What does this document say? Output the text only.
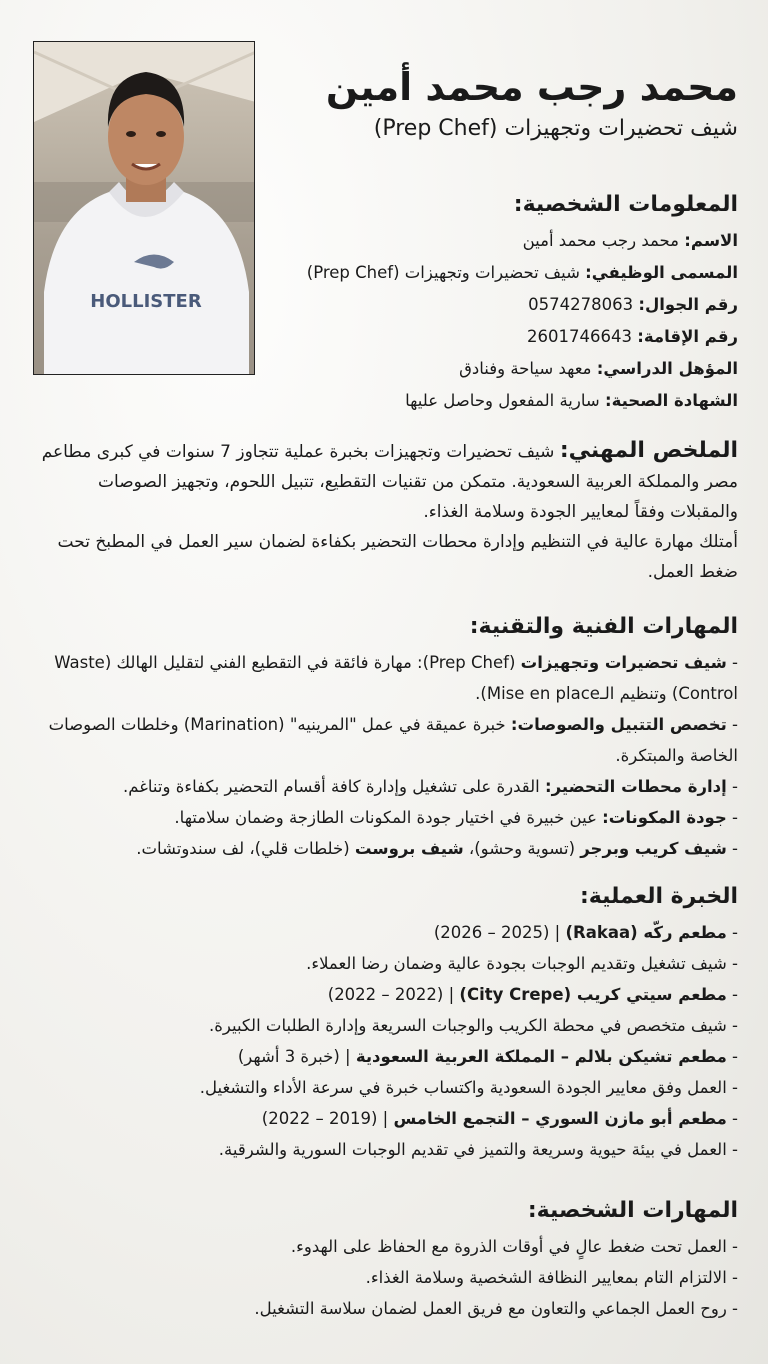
HOLLISTER
محمد رجب محمد أمين

شيف تحضيرات وتجهيزات (Prep Chef)

المعلومات الشخصية:

الاسم: محمد رجب محمد أمين

المسمى الوظيفي: شيف تحضيرات وتجهيزات (Prep Chef)

رقم الجوال: 0574278063

رقم الإقامة: 2601746643

المؤهل الدراسي: معهد سياحة وفنادق

الشهادة الصحية: سارية المفعول وحاصل عليها

الملخص المهني: شيف تحضيرات وتجهيزات بخبرة عملية تتجاوز 7 سنوات في كبرى مطاعم مصر والمملكة العربية السعودية. متمكن من تقنيات التقطيع، تتبيل اللحوم، وتجهيز الصوصات والمقبلات وفقاً لمعايير الجودة وسلامة الغذاء.

أمتلك مهارة عالية في التنظيم وإدارة محطات التحضير بكفاءة لضمان سير العمل في المطبخ تحت ضغط العمل.

المهارات الفنية والتقنية:

- شيف تحضيرات وتجهيزات (Prep Chef): مهارة فائقة في التقطيع الفني لتقليل الهالك (Waste Control) وتنظيم الـMise en place).

- تخصص التتبيل والصوصات: خبرة عميقة في عمل "المرينيه" (Marination) وخلطات الصوصات الخاصة والمبتكرة.

- إدارة محطات التحضير: القدرة على تشغيل وإدارة كافة أقسام التحضير بكفاءة وتناغم.

- جودة المكونات: عين خبيرة في اختيار جودة المكونات الطازجة وضمان سلامتها.

- شيف كريب وبرجر (تسوية وحشو)، شيف بروست (خلطات قلي)، لف سندوتشات.

الخبرة العملية:

- مطعم ركّه (Rakaa) | (2026 – 2025)

- شيف تشغيل وتقديم الوجبات بجودة عالية وضمان رضا العملاء.

- مطعم سيتي كريب (City Crepe) | (2022 – 2022)

- شيف متخصص في محطة الكريب والوجبات السريعة وإدارة الطلبات الكبيرة.

- مطعم تشيكن بلالم – المملكة العربية السعودية | (خبرة 3 أشهر)

- العمل وفق معايير الجودة السعودية واكتساب خبرة في سرعة الأداء والتشغيل.

- مطعم أبو مازن السوري – التجمع الخامس | (2019 – 2022)

- العمل في بيئة حيوية وسريعة والتميز في تقديم الوجبات السورية والشرقية.

المهارات الشخصية:

- العمل تحت ضغط عالٍ في أوقات الذروة مع الحفاظ على الهدوء.

- الالتزام التام بمعايير النظافة الشخصية وسلامة الغذاء.

- روح العمل الجماعي والتعاون مع فريق العمل لضمان سلاسة التشغيل.
